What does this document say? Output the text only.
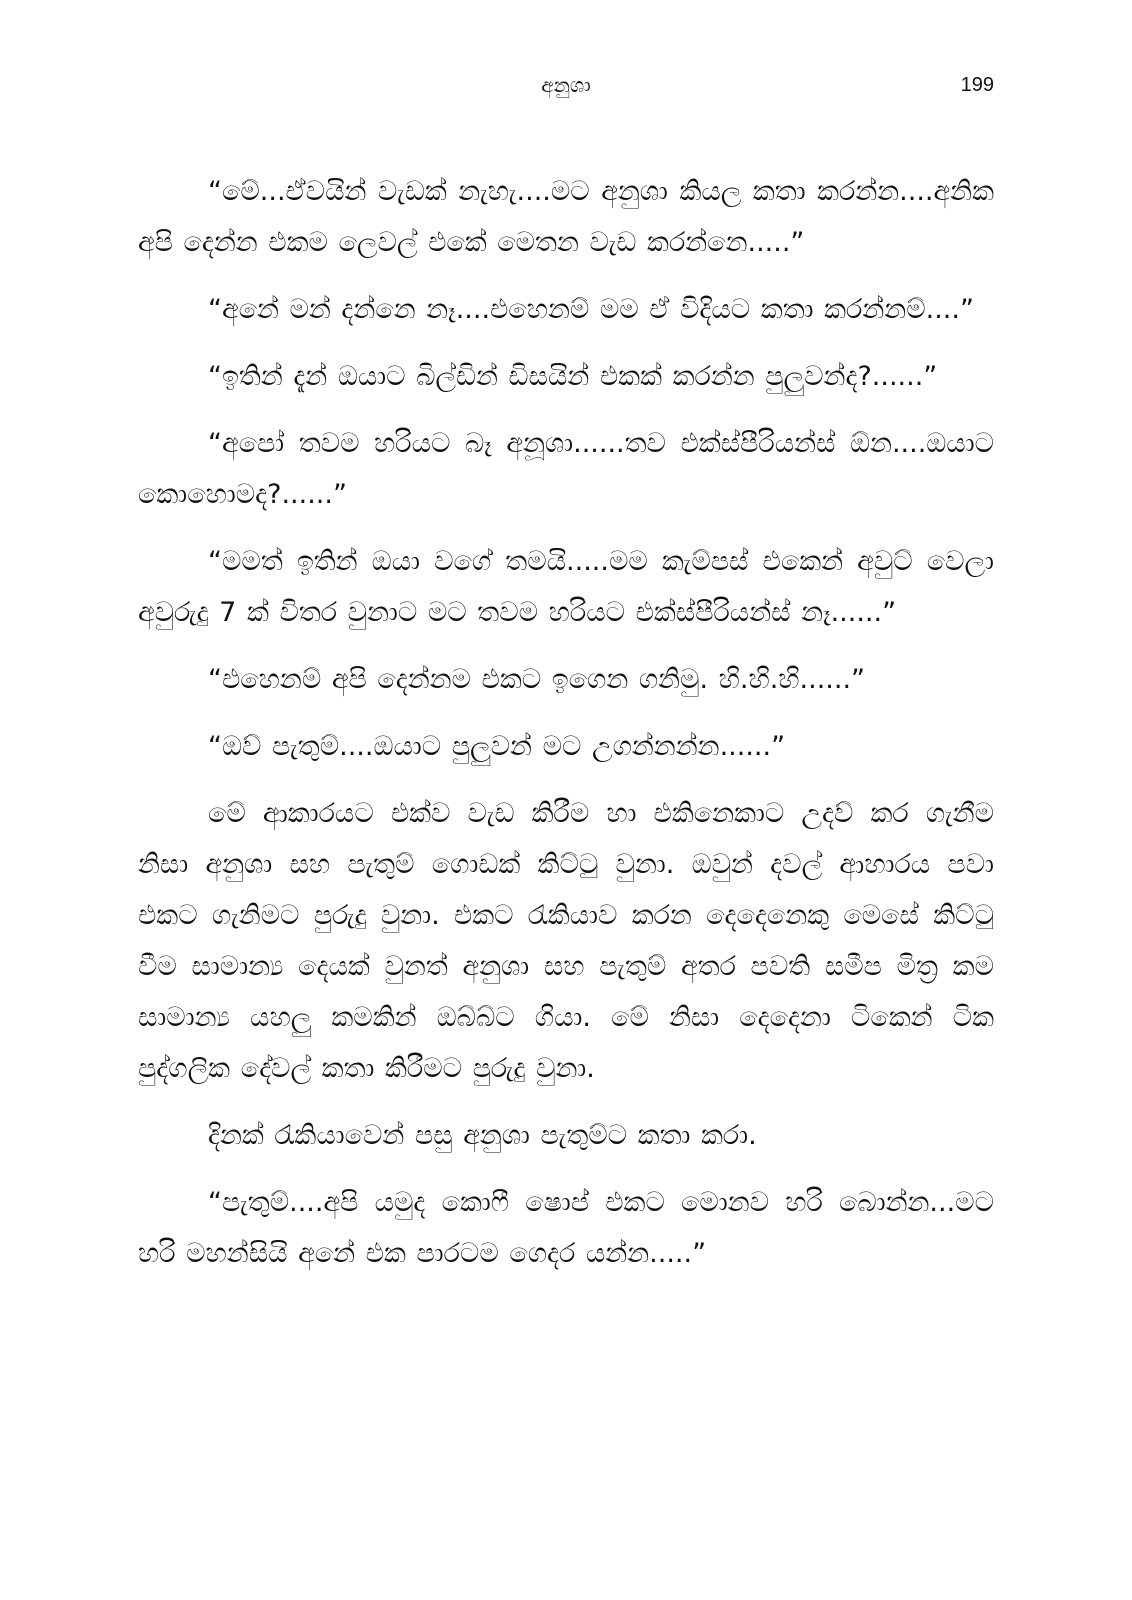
අනුශා	199

“මේ...ඒවයින් වැඩක් නැහැ....මට අනුශා කියල කතා කරන්න....අනික අපි දෙන්න එකම ලෙවල් එකේ මෙතන වැඩ කරන්නෙ.....”

“අනේ මන් දන්නෙ නෑ....එහෙනම් මම ඒ විදියට කතා කරන්නම්....”

“ඉතින් දැන් ඔයාට බිල්ඩින් ඩිසයින් එකක් කරන්න පුලුවන්ද?......”

“අපෝ තවම හරියට බෑ අනූශා......තව එක්ස්පීරියන්ස් ඕන....ඔයාට කොහොමද?......”

“මමත් ඉතින් ඔයා වගේ තමයි.....මම කැම්පස් එකෙන් අවුට් වෙලා අවුරුදු 7 ක් විතර වුනාට මට තවම හරියට එක්ස්පීරියන්ස් නෑ......”

“එහෙනම් අපි දෙන්නම එකට ඉගෙන ගනිමු. හි.හි.හි......”

“ඔව් පැතුම්....ඔයාට පුලුවන් මට උගන්නන්න......”

මේ ආකාරයට එක්ව වැඩ කිරීම හා එකිනෙකාට උදව් කර ගැනීම නිසා අනුශා සහ පැතුම් ගොඩක් කිට්ටු වුනා. ඔවුන් දවල් ආහාරය පවා එකට ගැනිමට පුරුදු වුනා. එකට රැකියාව කරන දෙදෙනෙකු මෙසේ කිට්ටු වීම සාමාන්‍ය දෙයක් වුනත් අනුශා සහ පැතුම් අතර පවති සමීප මිත්‍ර කම සාමාන්‍ය යහලු කමකින් ඔබ්බ්ට ගියා. මේ නිසා දෙදෙනා ටිකෙන් ටික පුද්ගලික දේවල් කතා කිරීමට පුරුදු වුනා.

දිනක් රැකියාවෙන් පසු අනුශා පැතුම්ට කතා කරා.

“පැතුම්....අපි යමුද කොෆී ෂොප් එකට මොනව හරි බොන්න...මට හරි මහන්සියි අනේ එක පාරටම ගෙදර යන්න.....”
